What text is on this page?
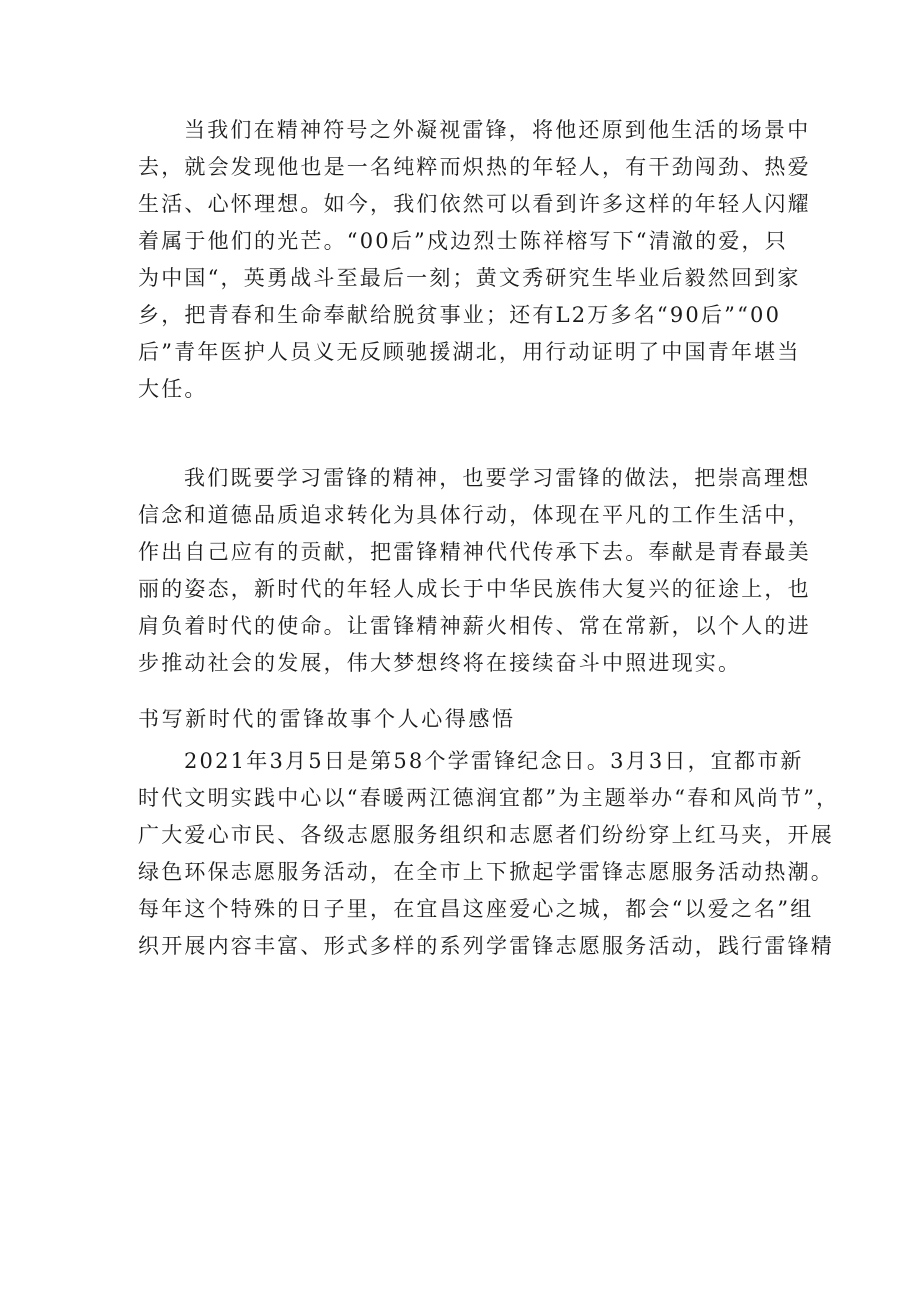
当我们在精神符号之外凝视雷锋，将他还原到他生活的场景中
去，就会发现他也是一名纯粹而炽热的年轻人，有干劲闯劲、热爱
生活、心怀理想。如今，我们依然可以看到许多这样的年轻人闪耀
着属于他们的光芒。“00后”戍边烈士陈祥榕写下“清澈的爱，只
为中国“，英勇战斗至最后一刻；黄文秀研究生毕业后毅然回到家
乡，把青春和生命奉献给脱贫事业；还有L2万多名“90后”“00
后”青年医护人员义无反顾驰援湖北，用行动证明了中国青年堪当
大任。
我们既要学习雷锋的精神，也要学习雷锋的做法，把崇高理想
信念和道德品质追求转化为具体行动，体现在平凡的工作生活中，
作出自己应有的贡献，把雷锋精神代代传承下去。奉献是青春最美
丽的姿态，新时代的年轻人成长于中华民族伟大复兴的征途上，也
肩负着时代的使命。让雷锋精神薪火相传、常在常新，以个人的进
步推动社会的发展，伟大梦想终将在接续奋斗中照进现实。
书写新时代的雷锋故事个人心得感悟
2021年3月5日是第58个学雷锋纪念日。3月3日，宜都市新
时代文明实践中心以“春暖两江德润宜都”为主题举办“春和风尚节”，
广大爱心市民、各级志愿服务组织和志愿者们纷纷穿上红马夹，开展
绿色环保志愿服务活动，在全市上下掀起学雷锋志愿服务活动热潮。
每年这个特殊的日子里，在宜昌这座爱心之城，都会“以爱之名”组
织开展内容丰富、形式多样的系列学雷锋志愿服务活动，践行雷锋精
